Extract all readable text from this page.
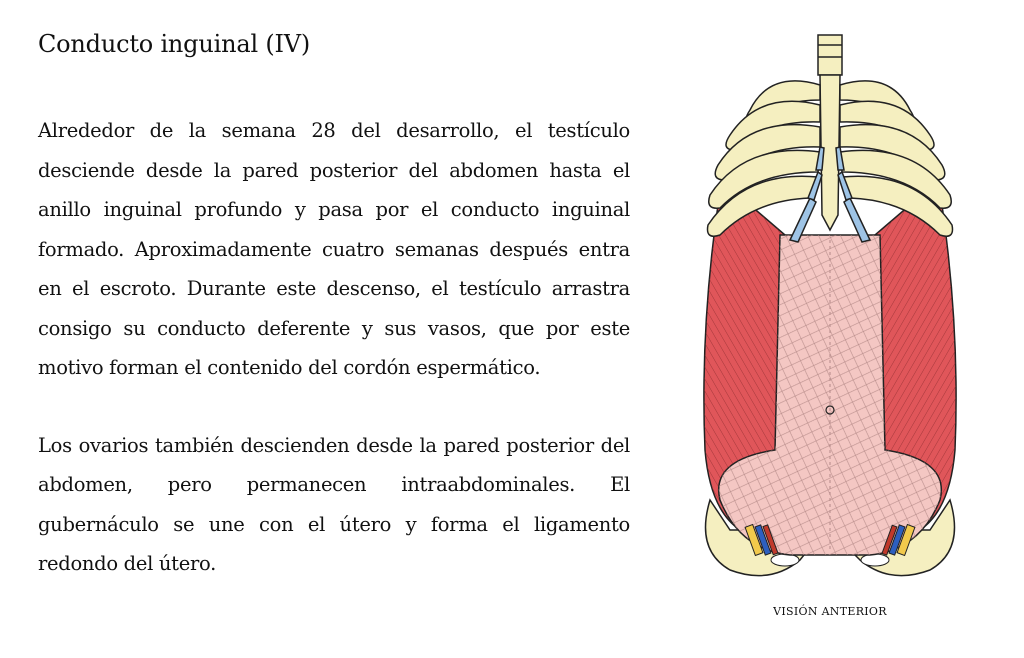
Conducto inguinal (IV)

Alrededor de la semana 28 del desarrollo, el testículo desciende desde la pared posterior del abdomen hasta el anillo inguinal profundo y pasa por el conducto inguinal formado. Aproximadamente cuatro semanas después entra en el escroto. Durante este descenso, el testículo arrastra consigo su conducto deferente y sus vasos, que por este motivo forman el contenido del cordón espermático.

Los ovarios también descienden desde la pared posterior del abdomen, pero permanecen intraabdominales. El gubernáculo se une con el útero y forma el ligamento redondo del útero.

VISIÓN ANTERIOR
